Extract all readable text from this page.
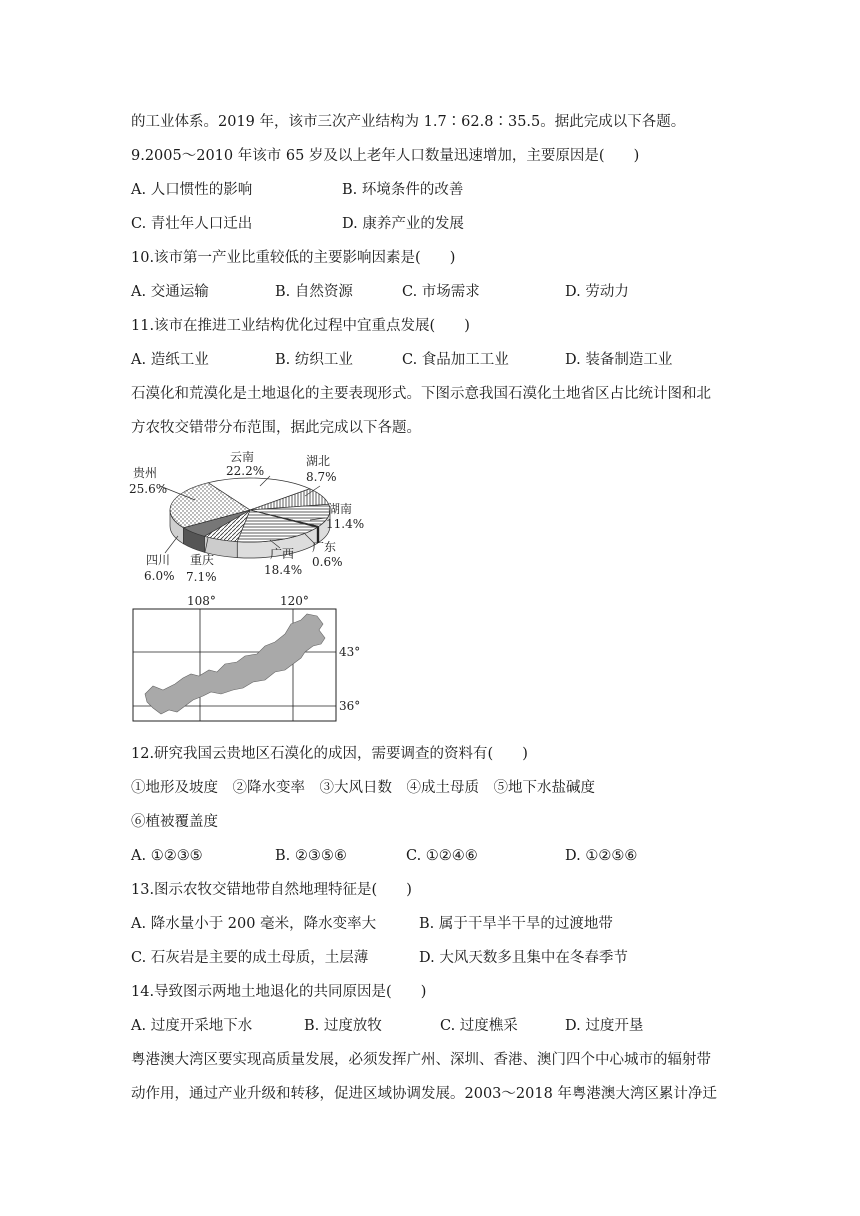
的工业体系。2019 年，该市三次产业结构为 1.7∶62.8∶35.5。据此完成以下各题。
9.2005～2010 年该市 65 岁及以上老年人口数量迅速增加，主要原因是(　　)
A. 人口惯性的影响	B. 环境条件的改善
C. 青壮年人口迁出	D. 康养产业的发展
10.该市第一产业比重较低的主要影响因素是(　　)
A. 交通运输	B. 自然资源	C. 市场需求	D. 劳动力
11.该市在推进工业结构优化过程中宜重点发展(　　)
A. 造纸工业	B. 纺织工业	C. 食品加工工业	D. 装备制造工业
石漠化和荒漠化是土地退化的主要表现形式。下图示意我国石漠化土地省区占比统计图和北
方农牧交错带分布范围，据此完成以下各题。
云南
22.2%
湖北
8.7%
湖南
11.4%
广东
0.6%
广西
18.4%
重庆
7.1%
四川
6.0%
贵州
25.6%
108°	120°
43°
36°
12.研究我国云贵地区石漠化的成因，需要调查的资料有(　　)
①地形及坡度　②降水变率　③大风日数　④成土母质　⑤地下水盐碱度
⑥植被覆盖度
A. ①②③⑤	B. ②③⑤⑥	C. ①②④⑥	D. ①②⑤⑥
13.图示农牧交错地带自然地理特征是(　　)
A. 降水量小于 200 毫米，降水变率大	B. 属于干旱半干旱的过渡地带
C. 石灰岩是主要的成土母质，土层薄	D. 大风天数多且集中在冬春季节
14.导致图示两地土地退化的共同原因是(　　)
A. 过度开采地下水	B. 过度放牧	C. 过度樵采	D. 过度开垦
粤港澳大湾区要实现高质量发展，必须发挥广州、深圳、香港、澳门四个中心城市的辐射带
动作用，通过产业升级和转移，促进区域协调发展。2003～2018 年粤港澳大湾区累计净迁
